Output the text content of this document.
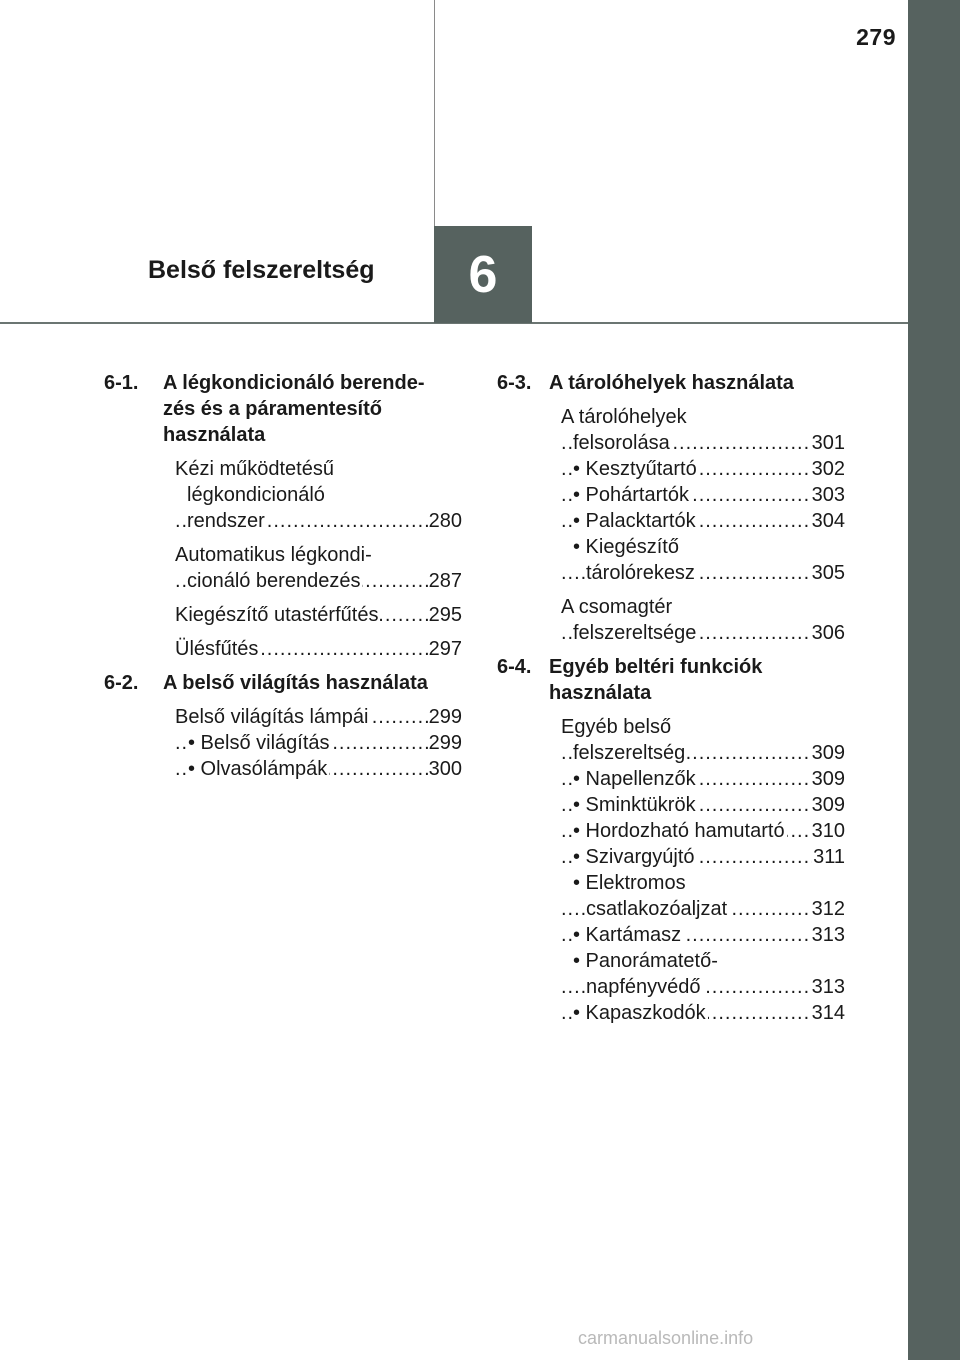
279
Belső felszereltség	6
6-1.	A légkondicionáló berende-
zés és a páramentesítő
használata
Kézi működtetésű
légkondicionáló
rendszer .....	280
Automatikus légkondi-
cionáló berendezés .....	287
Kiegészítő utastérfűtés .....	295
Ülésfűtés .....	297
6-2.	A belső világítás használata
Belső világítás lámpái .....	299
• Belső világítás .....	299
• Olvasólámpák .....	300
6-3. A tárolóhelyek használata
A tárolóhelyek
felsorolása .....	301
• Kesztyűtartó .....	302
• Pohártartók .....	303
• Palacktartók .....	304
• Kiegészítő
tárolórekesz .....	305
A csomagtér
felszereltsége .....	306
6-4. Egyéb beltéri funkciók
használata
Egyéb belső
felszereltség .....	309
• Napellenzők .....	309
• Sminktükrök .....	309
• Hordozható hamutartó .....	310
• Szivargyújtó .....	311
• Elektromos
csatlakozóaljzat .....	312
• Kartámasz .....	313
• Panorámatető-
napfényvédő .....	313
• Kapaszkodók .....	314
carmanualsonline.info
